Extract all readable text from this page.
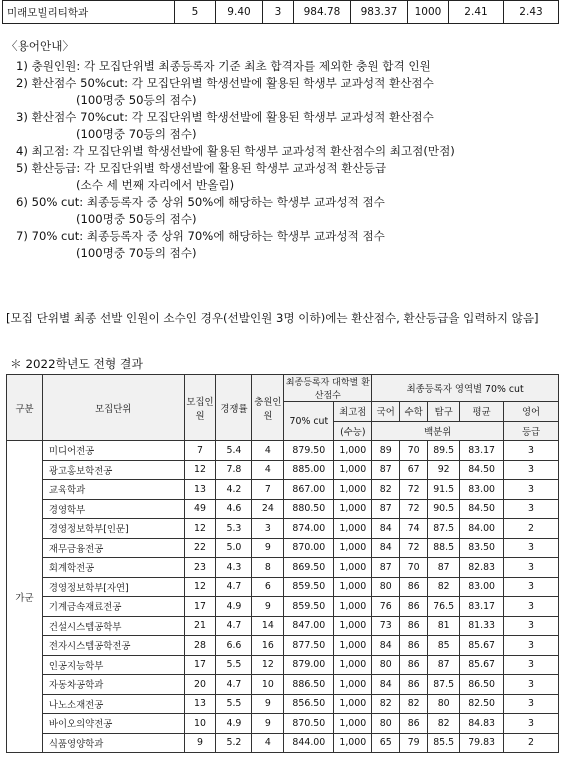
미래모빌리티학과	5	9.40	3	984.78	983.37	1000	2.41	2.43
〈용어안내〉
1) 충원인원: 각 모집단위별 최종등록자 기준 최초 합격자를 제외한 충원 합격 인원
2) 환산점수 50%cut: 각 모집단위별 학생선발에 활용된 학생부 교과성적 환산점수
(100명중 50등의 점수)
3) 환산점수 70%cut: 각 모집단위별 학생선발에 활용된 학생부 교과성적 환산점수
(100명중 70등의 점수)
4) 최고점: 각 모집단위별 학생선발에 활용된 학생부 교과성적 환산점수의 최고점(만점)
5) 환산등급: 각 모집단위별 학생선발에 활용된 학생부 교과성적 환산등급
(소수 세 번째 자리에서 반올림)
6) 50% cut: 최종등록자 중 상위 50%에 해당하는 학생부 교과성적 점수
(100명중 50등의 점수)
7) 70% cut: 최종등록자 중 상위 70%에 해당하는 학생부 교과성적 점수
(100명중 70등의 점수)
[모집 단위별 최종 선발 인원이 소수인 경우(선발인원 3명 이하)에는 환산점수, 환산등급을 입력하지 않음]
＊ 2022학년도 전형 결과
구분	모집단위	모집인원	경쟁률	충원인원	최종등록자 대학별 환산점수		최종등록자 영역별 70% cut				
					70% cut	최고점	국어	수학	탐구	평균	영어
						(수능)	백분위				등급
가군	미디어전공	7	5.4	4	879.50	1,000	89	70	89.5	83.17	3
	광고홍보학전공	12	7.8	4	885.00	1,000	87	67	92	84.50	3
	교육학과	13	4.2	7	867.00	1,000	82	72	91.5	83.00	3
	경영학부	49	4.6	24	880.50	1,000	87	72	90.5	84.50	3
	경영정보학부[인문]	12	5.3	3	874.00	1,000	84	74	87.5	84.00	2
	재무금융전공	22	5.0	9	870.00	1,000	84	72	88.5	83.50	3
	회계학전공	23	4.3	8	869.50	1,000	87	70	87	82.83	3
	경영정보학부[자연]	12	4.7	6	859.50	1,000	80	86	82	83.00	3
	기계금속재료전공	17	4.9	9	859.50	1,000	76	86	76.5	83.17	3
	건설시스템공학부	21	4.7	14	847.00	1,000	73	86	81	81.33	3
	전자시스템공학전공	28	6.6	16	877.50	1,000	84	86	85	85.67	3
	인공지능학부	17	5.5	12	879.00	1,000	80	86	87	85.67	3
	자동차공학과	20	4.7	10	886.50	1,000	84	86	87.5	86.50	3
	나노소재전공	13	5.5	9	856.50	1,000	82	82	80	82.50	3
	바이오의약전공	10	4.9	9	870.50	1,000	80	86	82	84.83	3
	식품영양학과	9	5.2	4	844.00	1,000	65	79	85.5	79.83	2
